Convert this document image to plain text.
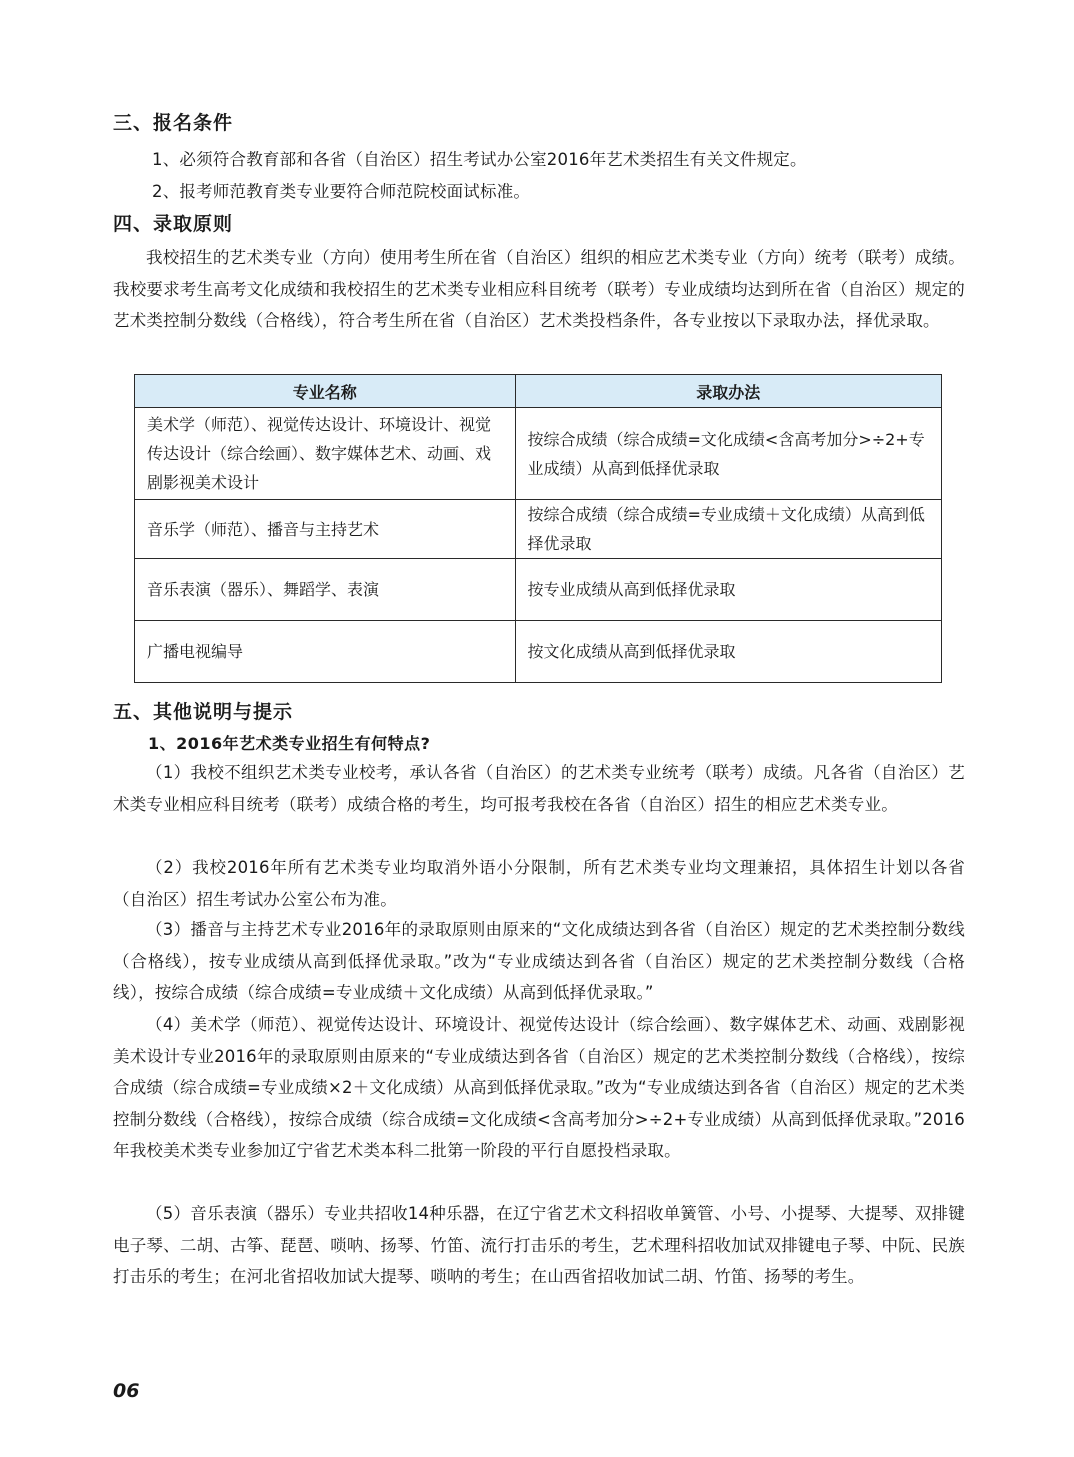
三、报名条件
1、必须符合教育部和各省（自治区）招生考试办公室2016年艺术类招生有关文件规定。
2、报考师范教育类专业要符合师范院校面试标准。
四、录取原则
我校招生的艺术类专业（方向）使用考生所在省（自治区）组织的相应艺术类专业（方向）统考（联考）成绩。我校要求考生高考文化成绩和我校招生的艺术类专业相应科目统考（联考）专业成绩均达到所在省（自治区）规定的艺术类控制分数线（合格线），符合考生所在省（自治区）艺术类投档条件，各专业按以下录取办法，择优录取。
专业名称	录取办法
美术学（师范）、视觉传达设计、环境设计、视觉传达设计（综合绘画）、数字媒体艺术、动画、戏剧影视美术设计	按综合成绩（综合成绩=文化成绩<含高考加分>÷2+专业成绩）从高到低择优录取
音乐学（师范）、播音与主持艺术	按综合成绩（综合成绩=专业成绩＋文化成绩）从高到低择优录取
音乐表演（器乐）、舞蹈学、表演	按专业成绩从高到低择优录取
广播电视编导	按文化成绩从高到低择优录取
五、其他说明与提示
1、2016年艺术类专业招生有何特点?
（1）我校不组织艺术类专业校考，承认各省（自治区）的艺术类专业统考（联考）成绩。凡各省（自治区）艺术类专业相应科目统考（联考）成绩合格的考生，均可报考我校在各省（自治区）招生的相应艺术类专业。
（2）我校2016年所有艺术类专业均取消外语小分限制，所有艺术类专业均文理兼招，具体招生计划以各省（自治区）招生考试办公室公布为准。
（3）播音与主持艺术专业2016年的录取原则由原来的“文化成绩达到各省（自治区）规定的艺术类控制分数线（合格线），按专业成绩从高到低择优录取。”改为“专业成绩达到各省（自治区）规定的艺术类控制分数线（合格线），按综合成绩（综合成绩=专业成绩＋文化成绩）从高到低择优录取。”
（4）美术学（师范）、视觉传达设计、环境设计、视觉传达设计（综合绘画）、数字媒体艺术、动画、戏剧影视美术设计专业2016年的录取原则由原来的“专业成绩达到各省（自治区）规定的艺术类控制分数线（合格线），按综合成绩（综合成绩=专业成绩×2＋文化成绩）从高到低择优录取。”改为“专业成绩达到各省（自治区）规定的艺术类控制分数线（合格线），按综合成绩（综合成绩=文化成绩<含高考加分>÷2+专业成绩）从高到低择优录取。”2016年我校美术类专业参加辽宁省艺术类本科二批第一阶段的平行自愿投档录取。
（5）音乐表演（器乐）专业共招收14种乐器，在辽宁省艺术文科招收单簧管、小号、小提琴、大提琴、双排键电子琴、二胡、古筝、琵琶、唢呐、扬琴、竹笛、流行打击乐的考生，艺术理科招收加试双排键电子琴、中阮、民族打击乐的考生；在河北省招收加试大提琴、唢呐的考生；在山西省招收加试二胡、竹笛、扬琴的考生。
06
